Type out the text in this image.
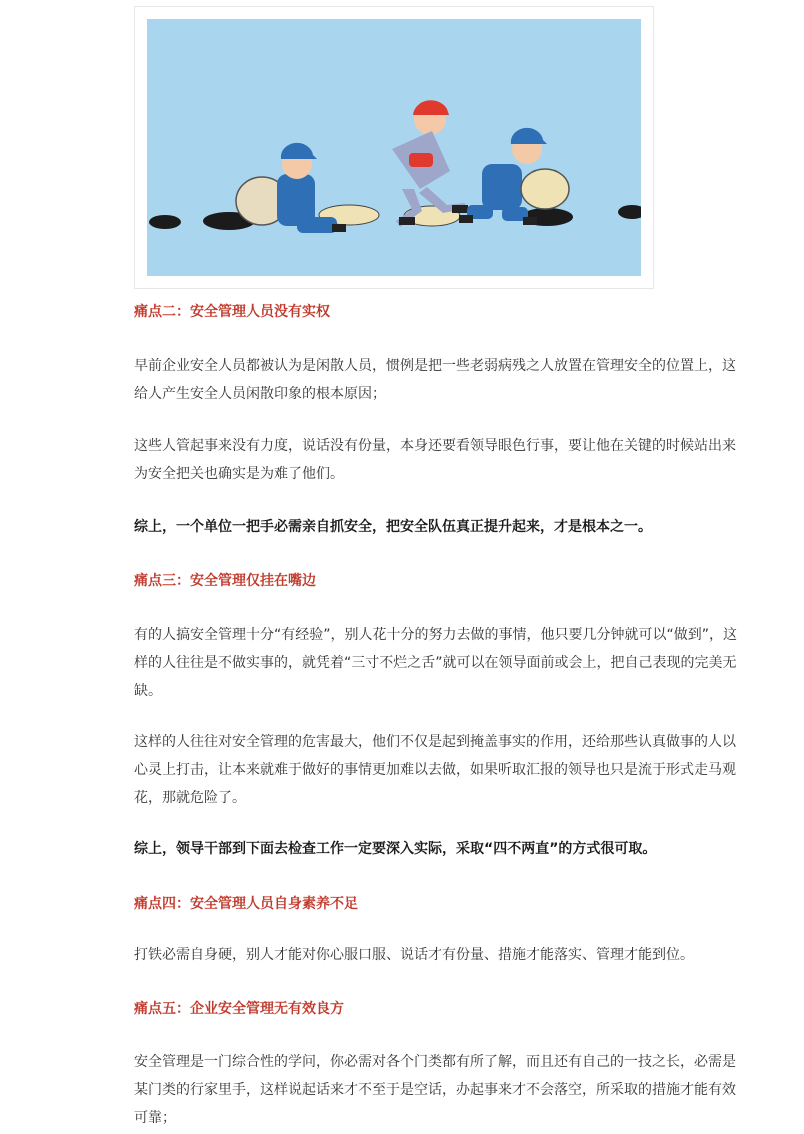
痛点二：安全管理人员没有实权

早前企业安全人员都被认为是闲散人员，惯例是把一些老弱病残之人放置在管理安全的位置上，这给人产生安全人员闲散印象的根本原因；

这些人管起事来没有力度，说话没有份量，本身还要看领导眼色行事，要让他在关键的时候站出来为安全把关也确实是为难了他们。

综上，一个单位一把手必需亲自抓安全，把安全队伍真正提升起来，才是根本之一。

痛点三：安全管理仅挂在嘴边

有的人搞安全管理十分“有经验”，别人花十分的努力去做的事情，他只要几分钟就可以“做到”，这样的人往往是不做实事的，就凭着“三寸不烂之舌”就可以在领导面前或会上，把自己表现的完美无缺。

这样的人往往对安全管理的危害最大，他们不仅是起到掩盖事实的作用，还给那些认真做事的人以心灵上打击，让本来就难于做好的事情更加难以去做，如果听取汇报的领导也只是流于形式走马观花，那就危险了。

综上，领导干部到下面去检查工作一定要深入实际，采取“四不两直”的方式很可取。

痛点四：安全管理人员自身素养不足

打铁必需自身硬，别人才能对你心服口服、说话才有份量、措施才能落实、管理才能到位。

痛点五：企业安全管理无有效良方

安全管理是一门综合性的学问，你必需对各个门类都有所了解，而且还有自己的一技之长，必需是某门类的行家里手，这样说起话来才不至于是空话，办起事来才不会落空，所采取的措施才能有效可靠；
